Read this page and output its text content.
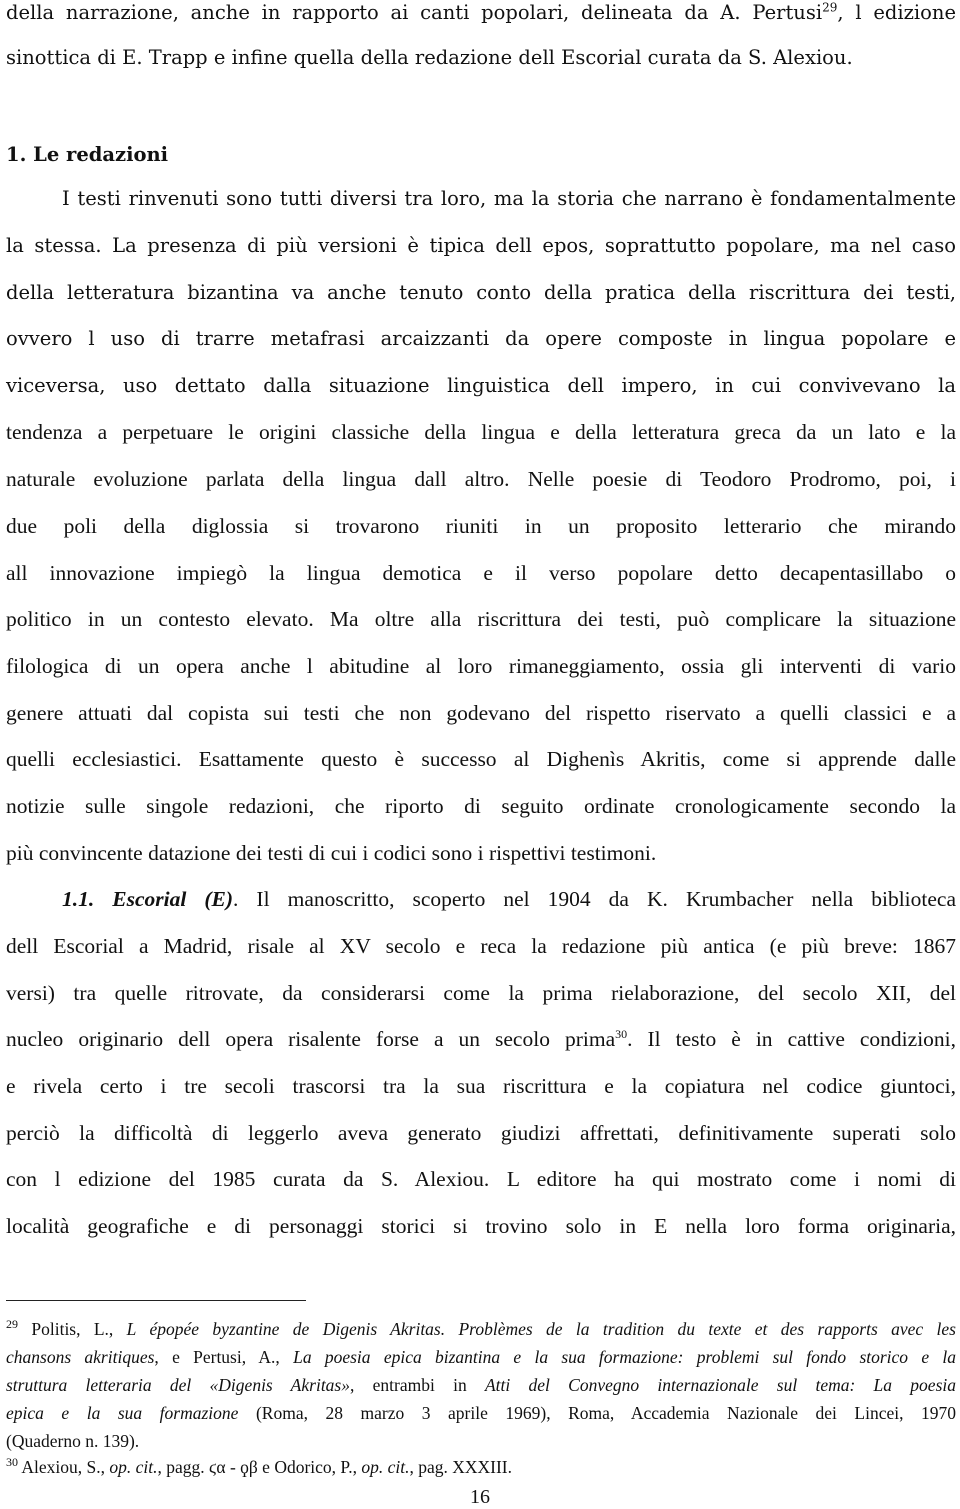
della narrazione, anche in rapporto ai canti popolari, delineata da A. Pertusi$^{29}$, l edizione
sinottica di E. Trapp e infine quella della redazione dell Escorial curata da S. Alexiou.
1. Le redazioni
I testi rinvenuti sono tutti diversi tra loro, ma la storia che narrano è fondamentalmente
la stessa. La presenza di più versioni è tipica dell epos, soprattutto popolare, ma nel caso
della letteratura bizantina va anche tenuto conto della pratica della riscrittura dei testi,
ovvero l uso di trarre metafrasi arcaizzanti da opere composte in lingua popolare e
viceversa, uso dettato dalla situazione linguistica dell impero, in cui convivevano la
tendenza a perpetuare le origini classiche della lingua e della letteratura greca da un lato e la
naturale evoluzione parlata della lingua dall altro. Nelle poesie di Teodoro Prodromo, poi, i
due poli della diglossia si trovarono riuniti in un proposito letterario che mirando
all innovazione impiegò la lingua demotica e il verso popolare detto decapentasillabo o
politico in un contesto elevato. Ma oltre alla riscrittura dei testi, può complicare la situazione
filologica di un opera anche l abitudine al loro rimaneggiamento, ossia gli interventi di vario
genere attuati dal copista sui testi che non godevano del rispetto riservato a quelli classici e a
quelli ecclesiastici. Esattamente questo è successo al Dighenìs Akritis, come si apprende dalle
notizie sulle singole redazioni, che riporto di seguito ordinate cronologicamente secondo la
più convincente datazione dei testi di cui i codici sono i rispettivi testimoni.
1.1. Escorial (E). Il manoscritto, scoperto nel 1904 da K. Krumbacher nella biblioteca
dell Escorial a Madrid, risale al XV secolo e reca la redazione più antica (e più breve: 1867
versi) tra quelle ritrovate, da considerarsi come la prima rielaborazione, del secolo XII, del
nucleo originario dell opera risalente forse a un secolo prima$^{30}$. Il testo è in cattive condizioni,
e rivela certo i tre secoli trascorsi tra la sua riscrittura e la copiatura nel codice giuntoci,
perciò la difficoltà di leggerlo aveva generato giudizi affrettati, definitivamente superati solo
con l edizione del 1985 curata da S. Alexiou. L editore ha qui mostrato come i nomi di
località geografiche e di personaggi storici si trovino solo in E nella loro forma originaria,
$^{29}$ Politis, L., L épopée byzantine de Digenis Akritas. Problèmes de la tradition du texte et des rapports avec les
chansons akritiques, e Pertusi, A., La poesia epica bizantina e la sua formazione: problemi sul fondo storico e la
struttura letteraria del «Digenis Akritas», entrambi in Atti del Convegno internazionale sul tema: La poesia
epica e la sua formazione (Roma, 28 marzo 3 aprile 1969), Roma, Accademia Nazionale dei Lincei, 1970
(Quaderno n. 139).
$^{30}$ Alexiou, S., op. cit., pagg. ϛα - ϙβ e Odorico, P., op. cit., pag. XXXIII.
16
